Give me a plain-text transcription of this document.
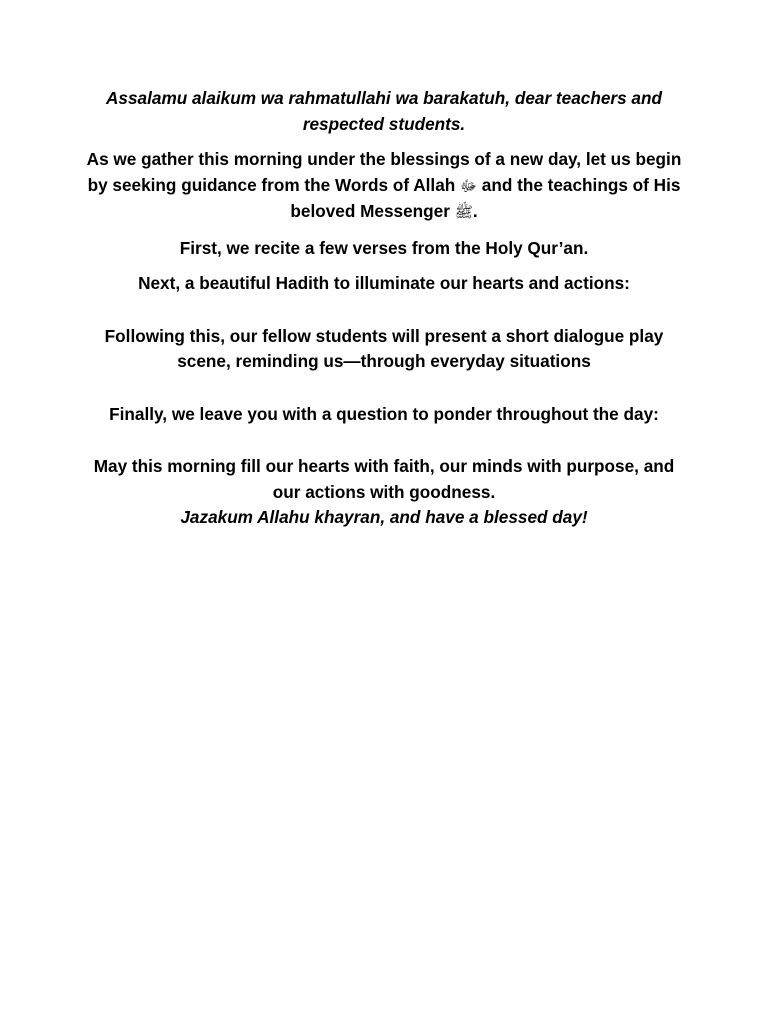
Assalamu alaikum wa rahmatullahi wa barakatuh, dear teachers and respected students.

As we gather this morning under the blessings of a new day, let us begin by seeking guidance from the Words of Allah ﷻ and the teachings of His beloved Messenger ﷺ.

First, we recite a few verses from the Holy Qur’an.

Next, a beautiful Hadith to illuminate our hearts and actions:

Following this, our fellow students will present a short dialogue play scene, reminding us—through everyday situations

Finally, we leave you with a question to ponder throughout the day:

May this morning fill our hearts with faith, our minds with purpose, and our actions with goodness.

Jazakum Allahu khayran, and have a blessed day!
